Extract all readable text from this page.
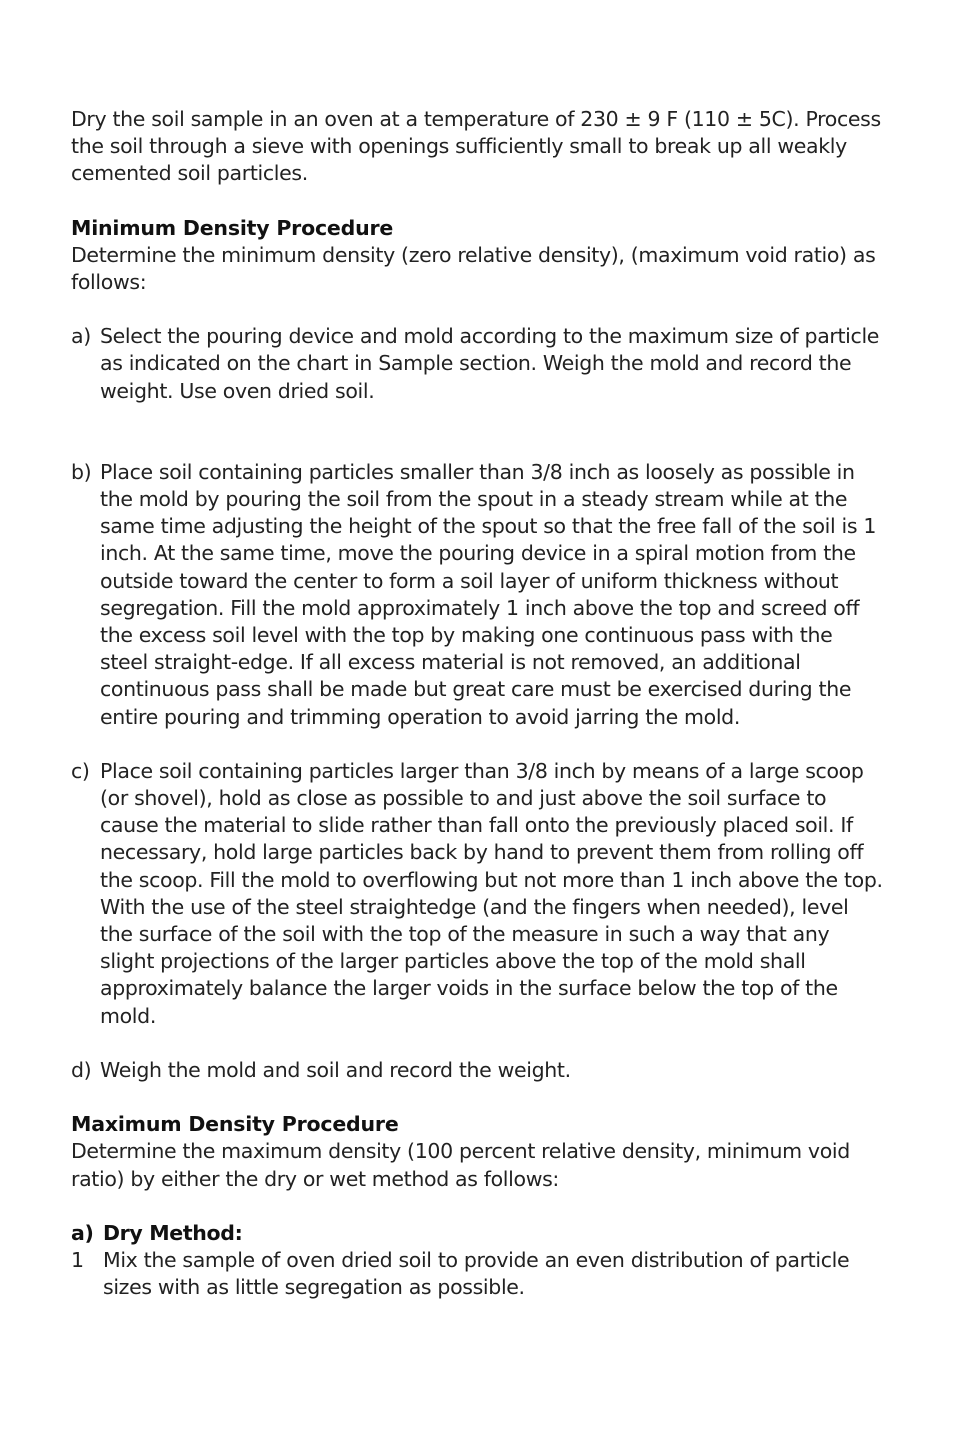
Dry the soil sample in an oven at a temperature of 230 ± 9 F (110 ± 5C). Process the soil through a sieve with openings sufficiently small to break up all weakly cemented soil particles.

Minimum Density Procedure

Determine the minimum density (zero relative density), (maximum void ratio) as follows:

a) Select the pouring device and mold according to the maximum size of particle as indicated on the chart in Sample section. Weigh the mold and record the weight. Use oven dried soil.
b) Place soil containing particles smaller than 3/8 inch as loosely as possible in the mold by pouring the soil from the spout in a steady stream while at the same time adjusting the height of the spout so that the free fall of the soil is 1 inch. At the same time, move the pouring device in a spiral motion from the outside toward the center to form a soil layer of uniform thickness without segregation. Fill the mold approximately 1 inch above the top and screed off the excess soil level with the top by making one continuous pass with the steel straight-edge. If all excess material is not removed, an additional continuous pass shall be made but great care must be exercised during the entire pouring and trimming operation to avoid jarring the mold.
c) Place soil containing particles larger than 3/8 inch by means of a large scoop (or shovel), hold as close as possible to and just above the soil surface to cause the material to slide rather than fall onto the previously placed soil. If necessary, hold large particles back by hand to prevent them from rolling off the scoop. Fill the mold to overflowing but not more than 1 inch above the top. With the use of the steel straightedge (and the fingers when needed), level the surface of the soil with the top of the measure in such a way that any slight projections of the larger particles above the top of the mold shall approximately balance the larger voids in the surface below the top of the mold.
d) Weigh the mold and soil and record the weight.
Maximum Density Procedure

Determine the maximum density (100 percent relative density, minimum void ratio) by either the dry or wet method as follows:

a) Dry Method:
1 Mix the sample of oven dried soil to provide an even distribution of particle sizes with as little segregation as possible.
